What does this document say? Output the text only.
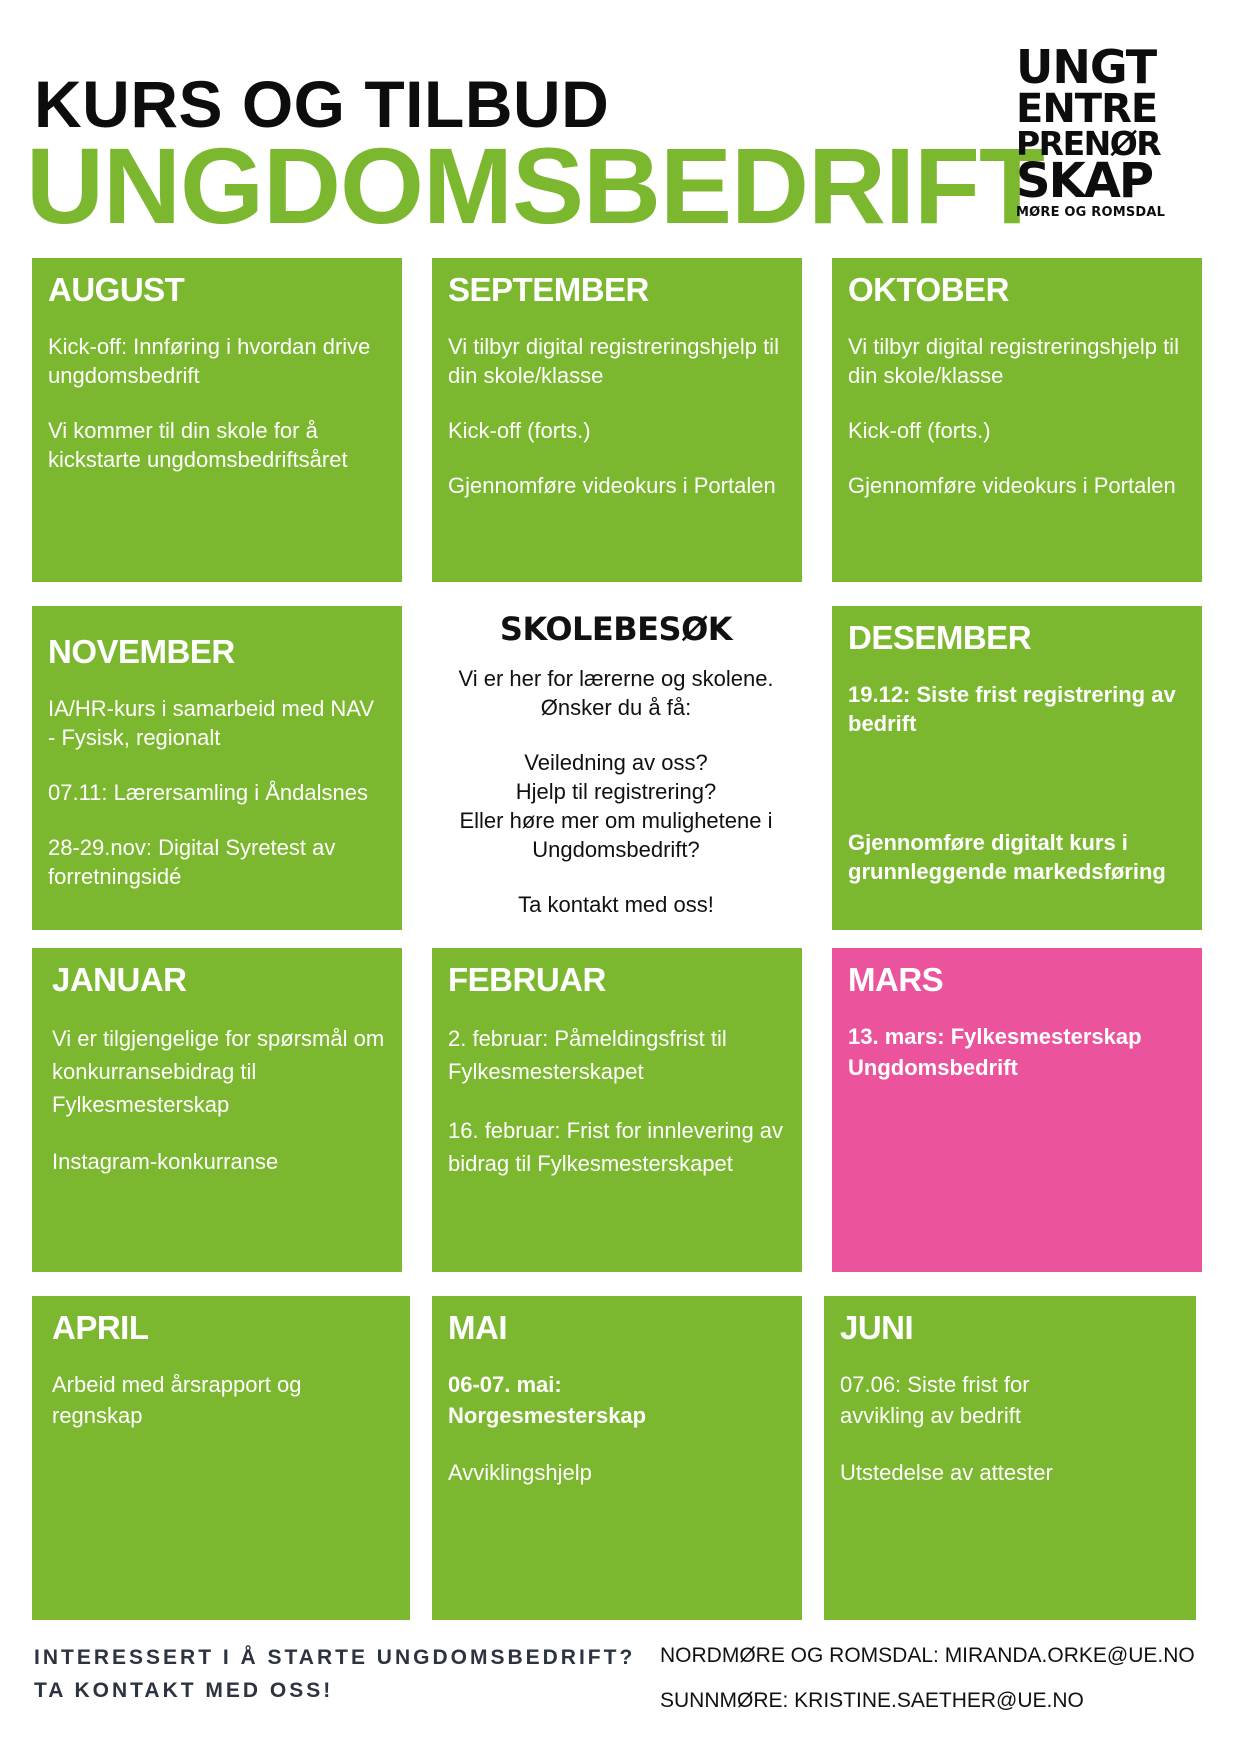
KURS OG TILBUD
UNGDOMSBEDRIFT
UNGT
ENTRE
PRENØR
SKAP
MØRE OG ROMSDAL
AUGUST

Kick-off: Innføring i hvordan drive ungdomsbedrift

Vi kommer til din skole for å kickstarte ungdomsbedriftsåret

SEPTEMBER

Vi tilbyr digital registreringshjelp til din skole/klasse

Kick-off (forts.)

Gjennomføre videokurs i Portalen

OKTOBER

Vi tilbyr digital registreringshjelp til din skole/klasse

Kick-off (forts.)

Gjennomføre videokurs i Portalen

NOVEMBER

IA/HR-kurs i samarbeid med NAV - Fysisk, regionalt

07.11: Lærersamling i Åndalsnes

28-29.nov: Digital Syretest av forretningsidé

SKOLEBESØK

Vi er her for lærerne og skolene. Ønsker du å få:

Veiledning av oss?

Hjelp til registrering?

Eller høre mer om mulighetene i Ungdomsbedrift?

Ta kontakt med oss!

DESEMBER

19.12: Siste frist registrering av bedrift

Gjennomføre digitalt kurs i grunnleggende markedsføring

JANUAR

Vi er tilgjengelige for spørsmål om konkurransebidrag til Fylkesmesterskap

Instagram-konkurranse

FEBRUAR

2. februar: Påmeldingsfrist til Fylkesmesterskapet

16. februar: Frist for innlevering av bidrag til Fylkesmesterskapet

MARS

13. mars: Fylkesmesterskap Ungdomsbedrift

APRIL

Arbeid med årsrapport og regnskap

MAI

06-07. mai: Norgesmesterskap

Avviklingshjelp

JUNI

07.06: Siste frist for avvikling av bedrift

Utstedelse av attester

INTERESSERT I Å STARTE UNGDOMSBEDRIFT?
TA KONTAKT MED OSS!
NORDMØRE OG ROMSDAL: MIRANDA.ORKE@UE.NO
SUNNMØRE: KRISTINE.SAETHER@UE.NO
